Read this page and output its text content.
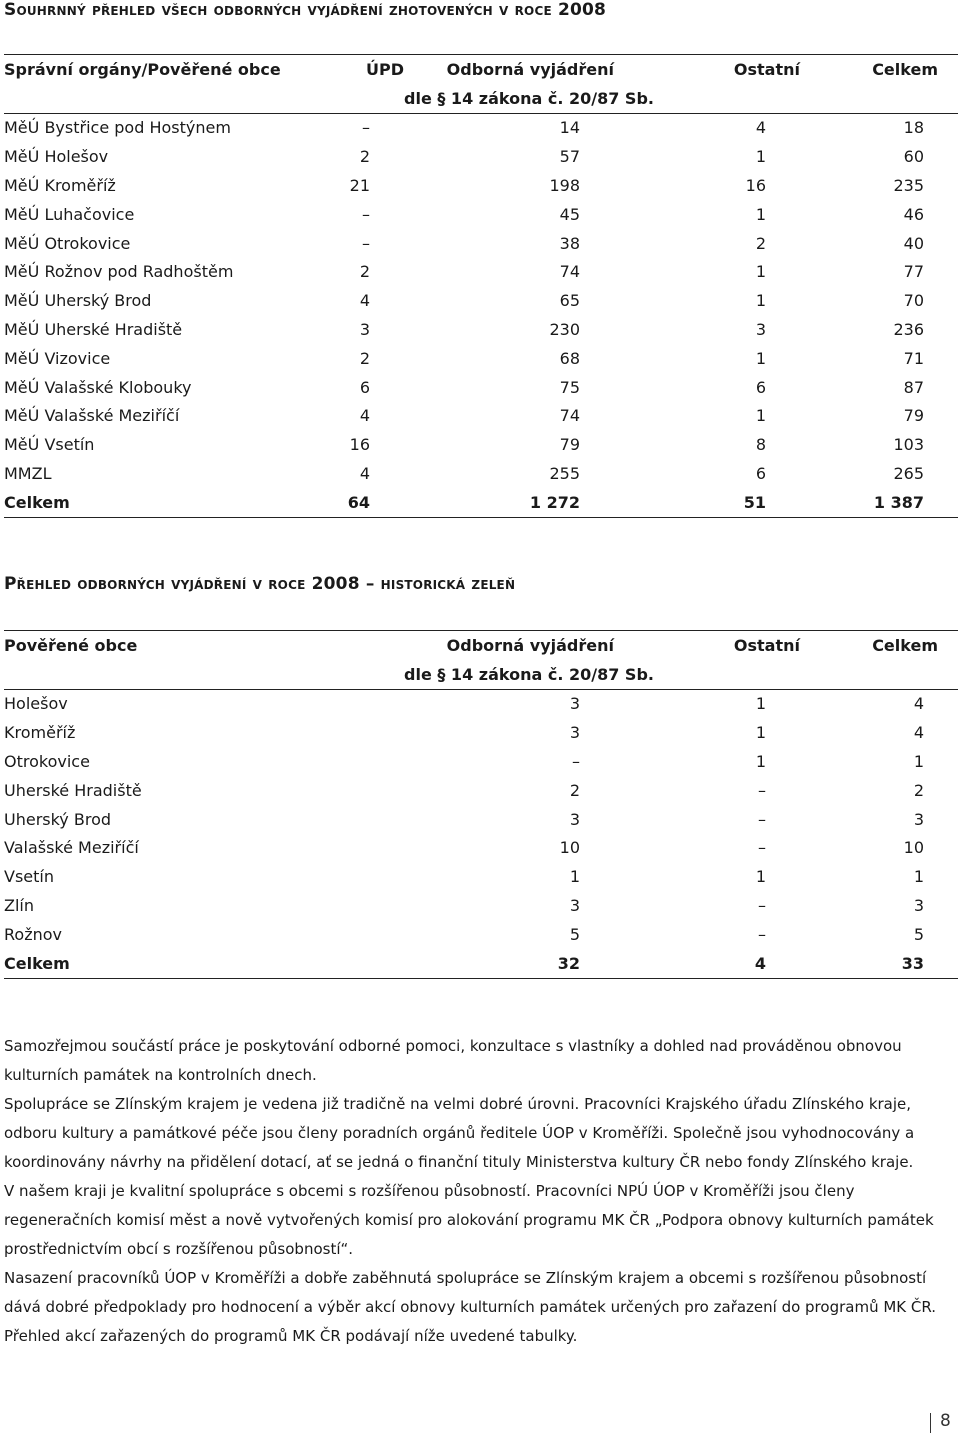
Souhrnný přehled všech odborných vyjádření zhotovených v roce 2008
Správní orgány/Pověřené obce	ÚPD	Odborná vyjádření	Ostatní	Celkem
		dle § 14 zákona č. 20/87 Sb.		
MěÚ Bystřice pod Hostýnem	–	14	4	18
MěÚ Holešov	2	57	1	60
MěÚ Kroměříž	21	198	16	235
MěÚ Luhačovice	–	45	1	46
MěÚ Otrokovice	–	38	2	40
MěÚ Rožnov pod Radhoštěm	2	74	1	77
MěÚ Uherský Brod	4	65	1	70
MěÚ Uherské Hradiště	3	230	3	236
MěÚ Vizovice	2	68	1	71
MěÚ Valašské Klobouky	6	75	6	87
MěÚ Valašské Meziříčí	4	74	1	79
MěÚ Vsetín	16	79	8	103
MMZL	4	255	6	265
Celkem	64	1 272	51	1 387
Přehled odborných vyjádření v roce 2008 – historická zeleň
Pověřené obce	Odborná vyjádření	Ostatní	Celkem
	dle § 14 zákona č. 20/87 Sb.		
Holešov	3	1	4
Kroměříž	3	1	4
Otrokovice	–	1	1
Uherské Hradiště	2	–	2
Uherský Brod	3	–	3
Valašské Meziříčí	10	–	10
Vsetín	1	1	1
Zlín	3	–	3
Rožnov	5	–	5
Celkem	32	4	33

Samozřejmou součástí práce je poskytování odborné pomoci, konzultace s vlastníky a dohled nad prováděnou obnovou kulturních památek na kontrolních dnech.

Spolupráce se Zlínským krajem je vedena již tradičně na velmi dobré úrovni. Pracovníci Krajského úřadu Zlínského kraje, odboru kultury a památkové péče jsou členy poradních orgánů ředitele ÚOP v Kroměříži. Společně jsou vyhodnocovány a koordinovány návrhy na přidělení dotací, ať se jedná o finanční tituly Ministerstva kultury ČR nebo fondy Zlínského kraje.

V našem kraji je kvalitní spolupráce s obcemi s rozšířenou působností. Pracovníci NPÚ ÚOP v Kroměříži jsou členy regeneračních komisí měst a nově vytvořených komisí pro alokování programu MK ČR „Podpora obnovy kulturních památek prostřednictvím obcí s rozšířenou působností“.

Nasazení pracovníků ÚOP v Kroměříži a dobře zaběhnutá spolupráce se Zlínským krajem a obcemi s rozšířenou působností dává dobré předpoklady pro hodnocení a výběr akcí obnovy kulturních památek určených pro zařazení do programů MK ČR. Přehled akcí zařazených do programů MK ČR podávají níže uvedené tabulky.

8
